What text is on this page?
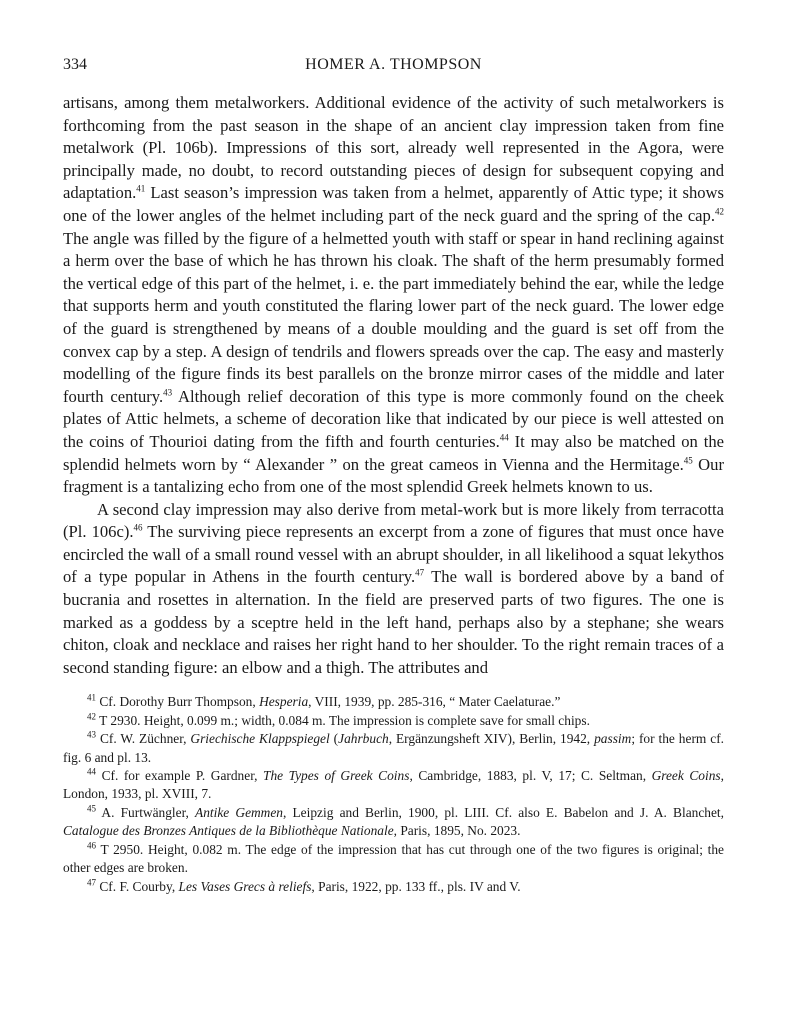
334	HOMER A. THOMPSON

artisans, among them metalworkers. Additional evidence of the activity of such metalworkers is forthcoming from the past season in the shape of an ancient clay impression taken from fine metalwork (Pl. 106b). Impressions of this sort, already well represented in the Agora, were principally made, no doubt, to record outstanding pieces of design for subsequent copying and adaptation.$^{41}$ Last season’s impression was taken from a helmet, apparently of Attic type; it shows one of the lower angles of the helmet including part of the neck guard and the spring of the cap.$^{42}$ The angle was filled by the figure of a helmetted youth with staff or spear in hand reclining against a herm over the base of which he has thrown his cloak. The shaft of the herm presumably formed the vertical edge of this part of the helmet, i. e. the part immediately behind the ear, while the ledge that supports herm and youth constituted the flaring lower part of the neck guard. The lower edge of the guard is strengthened by means of a double moulding and the guard is set off from the convex cap by a step. A design of tendrils and flowers spreads over the cap. The easy and masterly modelling of the figure finds its best parallels on the bronze mirror cases of the middle and later fourth century.$^{43}$ Although relief decoration of this type is more commonly found on the cheek plates of Attic helmets, a scheme of decoration like that indicated by our piece is well attested on the coins of Thourioi dating from the fifth and fourth centuries.$^{44}$ It may also be matched on the splendid helmets worn by “ Alexander ” on the great cameos in Vienna and the Hermitage.$^{45}$ Our fragment is a tantalizing echo from one of the most splendid Greek helmets known to us.

A second clay impression may also derive from metal-work but is more likely from terracotta (Pl. 106c).$^{46}$ The surviving piece represents an excerpt from a zone of figures that must once have encircled the wall of a small round vessel with an abrupt shoulder, in all likelihood a squat lekythos of a type popular in Athens in the fourth century.$^{47}$ The wall is bordered above by a band of bucrania and rosettes in alternation. In the field are preserved parts of two figures. The one is marked as a goddess by a sceptre held in the left hand, perhaps also by a stephane; she wears chiton, cloak and necklace and raises her right hand to her shoulder. To the right remain traces of a second standing figure: an elbow and a thigh. The attributes and

$^{41}$ Cf. Dorothy Burr Thompson, Hesperia, VIII, 1939, pp. 285-316, “ Mater Caelaturae.”

$^{42}$ T 2930. Height, 0.099 m.; width, 0.084 m. The impression is complete save for small chips.

$^{43}$ Cf. W. Züchner, Griechische Klappspiegel (Jahrbuch, Ergänzungsheft XIV), Berlin, 1942, passim; for the herm cf. fig. 6 and pl. 13.

$^{44}$ Cf. for example P. Gardner, The Types of Greek Coins, Cambridge, 1883, pl. V, 17; C. Seltman, Greek Coins, London, 1933, pl. XVIII, 7.

$^{45}$ A. Furtwängler, Antike Gemmen, Leipzig and Berlin, 1900, pl. LIII. Cf. also E. Babelon and J. A. Blanchet, Catalogue des Bronzes Antiques de la Bibliothèque Nationale, Paris, 1895, No. 2023.

$^{46}$ T 2950. Height, 0.082 m. The edge of the impression that has cut through one of the two figures is original; the other edges are broken.

$^{47}$ Cf. F. Courby, Les Vases Grecs à reliefs, Paris, 1922, pp. 133 ff., pls. IV and V.
